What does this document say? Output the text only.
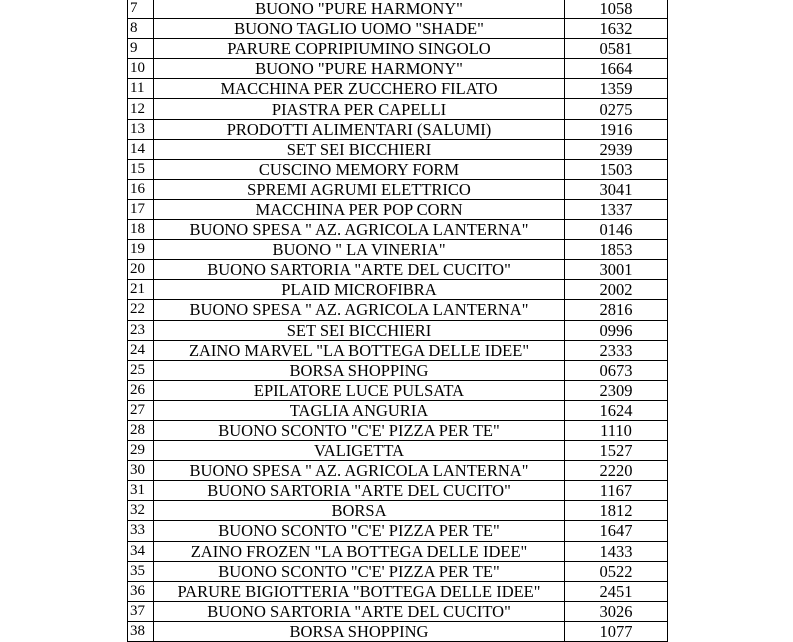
7	BUONO "PURE HARMONY"	1058
8	BUONO TAGLIO UOMO "SHADE"	1632
9	PARURE COPRIPIUMINO SINGOLO	0581
10	BUONO "PURE HARMONY"	1664
11	MACCHINA PER ZUCCHERO FILATO	1359
12	PIASTRA PER CAPELLI	0275
13	PRODOTTI ALIMENTARI (SALUMI)	1916
14	SET SEI BICCHIERI	2939
15	CUSCINO MEMORY FORM	1503
16	SPREMI AGRUMI ELETTRICO	3041
17	MACCHINA PER POP CORN	1337
18	BUONO SPESA " AZ. AGRICOLA LANTERNA"	0146
19	BUONO " LA VINERIA"	1853
20	BUONO SARTORIA "ARTE DEL CUCITO"	3001
21	PLAID MICROFIBRA	2002
22	BUONO SPESA " AZ. AGRICOLA LANTERNA"	2816
23	SET SEI BICCHIERI	0996
24	ZAINO MARVEL "LA BOTTEGA DELLE IDEE"	2333
25	BORSA SHOPPING	0673
26	EPILATORE LUCE PULSATA	2309
27	TAGLIA ANGURIA	1624
28	BUONO SCONTO "C'E' PIZZA PER TE"	1110
29	VALIGETTA	1527
30	BUONO SPESA " AZ. AGRICOLA LANTERNA"	2220
31	BUONO SARTORIA "ARTE DEL CUCITO"	1167
32	BORSA	1812
33	BUONO SCONTO "C'E' PIZZA PER TE"	1647
34	ZAINO FROZEN "LA BOTTEGA DELLE IDEE"	1433
35	BUONO SCONTO "C'E' PIZZA PER TE"	0522
36	PARURE BIGIOTTERIA "BOTTEGA DELLE IDEE"	2451
37	BUONO SARTORIA "ARTE DEL CUCITO"	3026
38	BORSA SHOPPING	1077
